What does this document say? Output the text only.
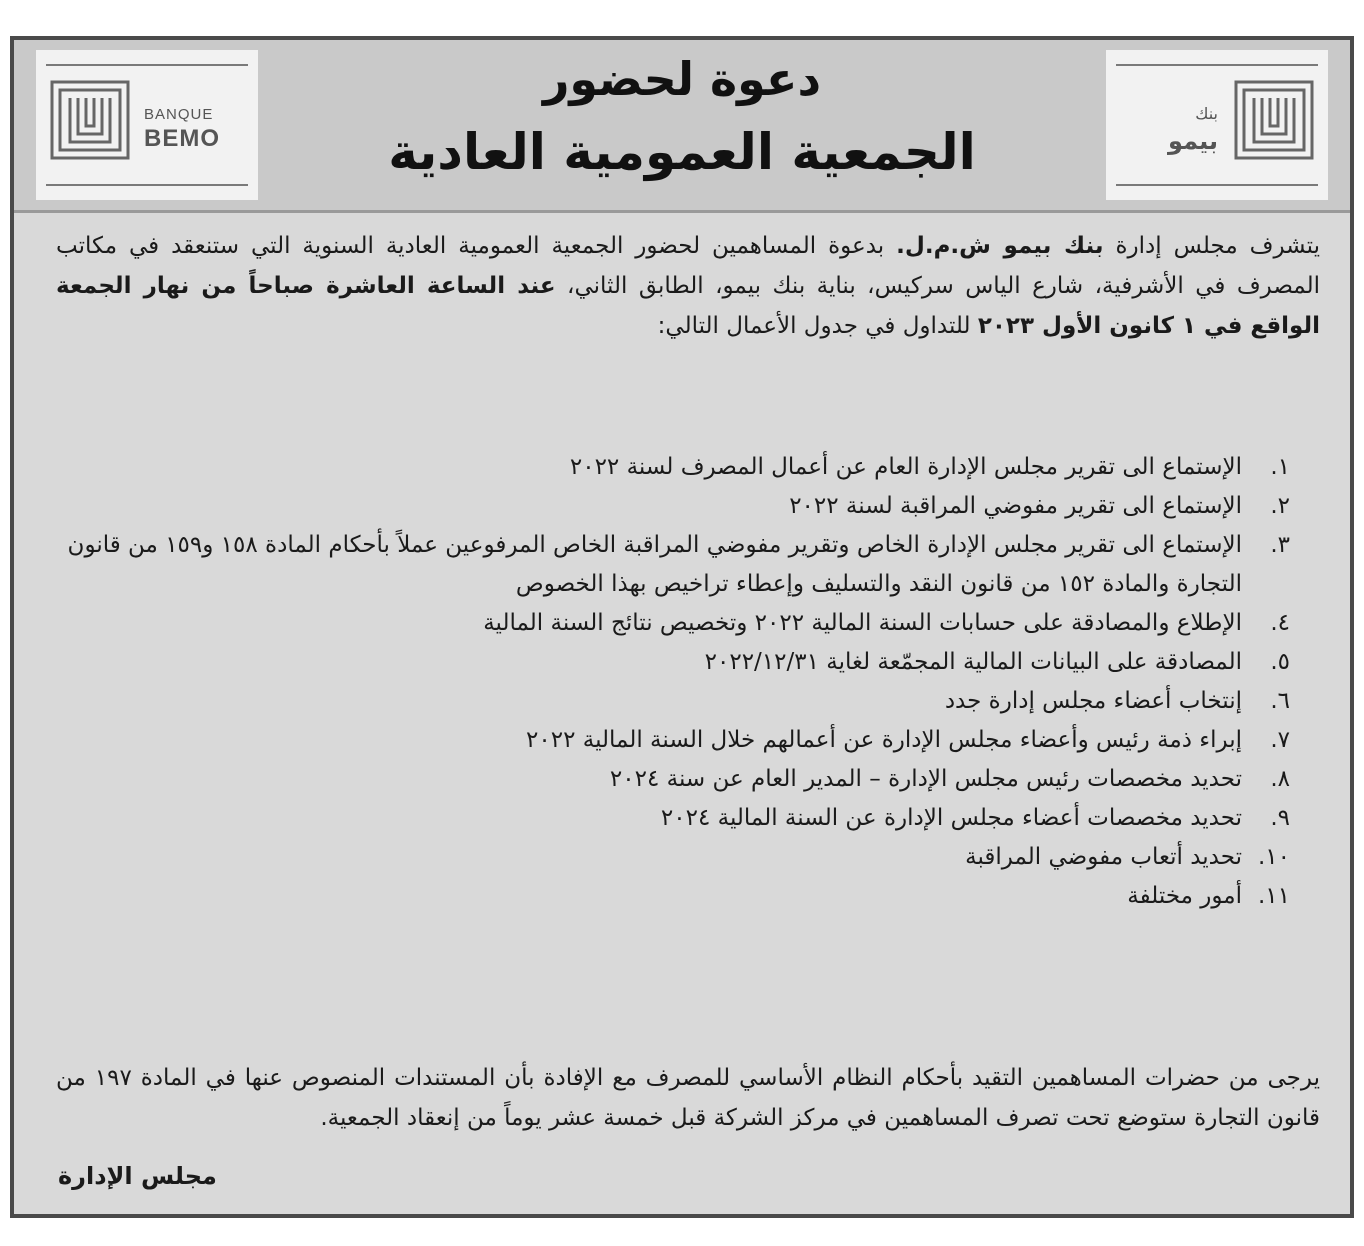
BANQUE
BEMO
دعوة لحضور
الجمعية العمومية العادية
بنك
بيمو
يتشرف مجلس إدارة بنك بيمو ش.م.ل. بدعوة المساهمين لحضور الجمعية العمومية العادية السنوية التي ستنعقد في مكاتب المصرف في الأشرفية، شارع الياس سركيس، بناية بنك بيمو، الطابق الثاني، عند الساعة العاشرة صباحاً من نهار الجمعة الواقع في ١ كانون الأول ٢٠٢٣ للتداول في جدول الأعمال التالي:
١.
الإستماع الى تقرير مجلس الإدارة العام عن أعمال المصرف لسنة ٢٠٢٢
٢.
الإستماع الى تقرير مفوضي المراقبة لسنة ٢٠٢٢
٣.
الإستماع الى تقرير مجلس الإدارة الخاص وتقرير مفوضي المراقبة الخاص المرفوعين عملاً بأحكام المادة ١٥٨ و١٥٩ من قانون التجارة والمادة ١٥٢ من قانون النقد والتسليف وإعطاء تراخيص بهذا الخصوص
٤.
الإطلاع والمصادقة على حسابات السنة المالية ٢٠٢٢ وتخصيص نتائج السنة المالية
٥.
المصادقة على البيانات المالية المجمّعة لغاية ٢٠٢٢/١٢/٣١
٦.
إنتخاب أعضاء مجلس إدارة جدد
٧.
إبراء ذمة رئيس وأعضاء مجلس الإدارة عن أعمالهم خلال السنة المالية ٢٠٢٢
٨.
تحديد مخصصات رئيس مجلس الإدارة – المدير العام عن سنة ٢٠٢٤
٩.
تحديد مخصصات أعضاء مجلس الإدارة عن السنة المالية ٢٠٢٤
١٠.
تحديد أتعاب مفوضي المراقبة
١١.
أمور مختلفة
يرجى من حضرات المساهمين التقيد بأحكام النظام الأساسي للمصرف مع الإفادة بأن المستندات المنصوص عنها في المادة ١٩٧ من قانون التجارة ستوضع تحت تصرف المساهمين في مركز الشركة قبل خمسة عشر يوماً من إنعقاد الجمعية.
مجلس الإدارة
